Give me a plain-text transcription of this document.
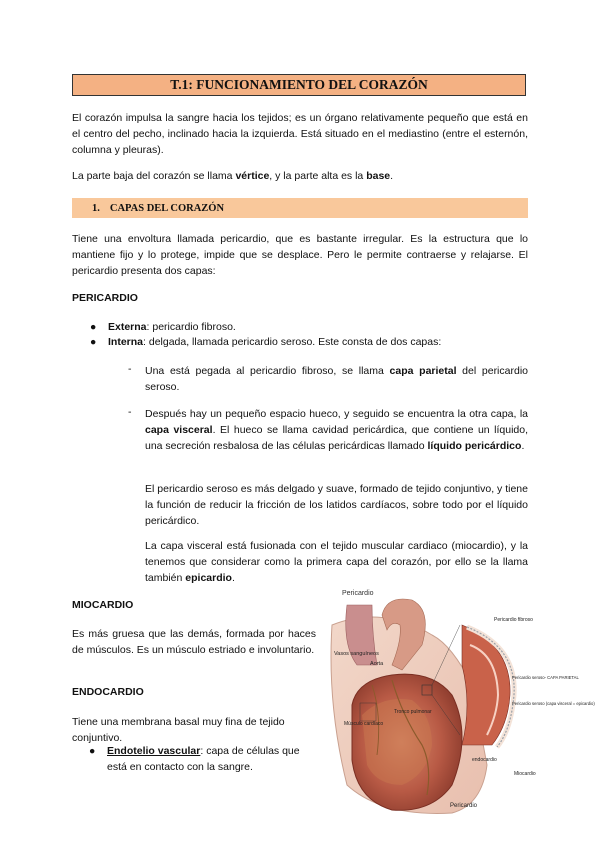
T.1: FUNCIONAMIENTO DEL CORAZÓN

El corazón impulsa la sangre hacia los tejidos; es un órgano relativamente pequeño que está en el centro del pecho, inclinado hacia la izquierda. Está situado en el mediastino (entre el esternón, columna y pleuras).

La parte baja del corazón se llama vértice, y la parte alta es la base.

1. CAPAS DEL CORAZÓN

Tiene una envoltura llamada pericardio, que es bastante irregular. Es la estructura que lo mantiene fijo y lo protege, impide que se desplace. Pero le permite contraerse y relajarse. El pericardio presenta dos capas:

PERICARDIO

● Externa: pericardio fibroso.
● Interna: delgada, llamada pericardio seroso. Este consta de dos capas:
- Una está pegada al pericardio fibroso, se llama capa parietal del pericardio seroso.

- Después hay un pequeño espacio hueco, y seguido se encuentra la otra capa, la capa visceral. El hueco se llama cavidad pericárdica, que contiene un líquido, una secreción resbalosa de las células pericárdicas llamado líquido pericárdico.

El pericardio seroso es más delgado y suave, formado de tejido conjuntivo, y tiene la función de reducir la fricción de los latidos cardíacos, sobre todo por el líquido pericárdico.

La capa visceral está fusionada con el tejido muscular cardiaco (miocardio), y la tenemos que considerar como la primera capa del corazón, por ello se la llama también epicardio.

MIOCARDIO

Es más gruesa que las demás, formada por haces de músculos. Es un músculo estriado e involuntario.

ENDOCARDIO

Tiene una membrana basal muy fina de tejido conjuntivo.

● Endotelio vascular: capa de células que está en contacto con la sangre.
Pericardio
Vasos sanguíneos
Aorta
Tronco pulmonar
Músculo cardíaco
Pericardio fibroso
Pericardio seroso- CAPA PARIETAL
Pericardio seroso (capa visceral = epicardio)
endocardio
Miocardio
Pericardio
